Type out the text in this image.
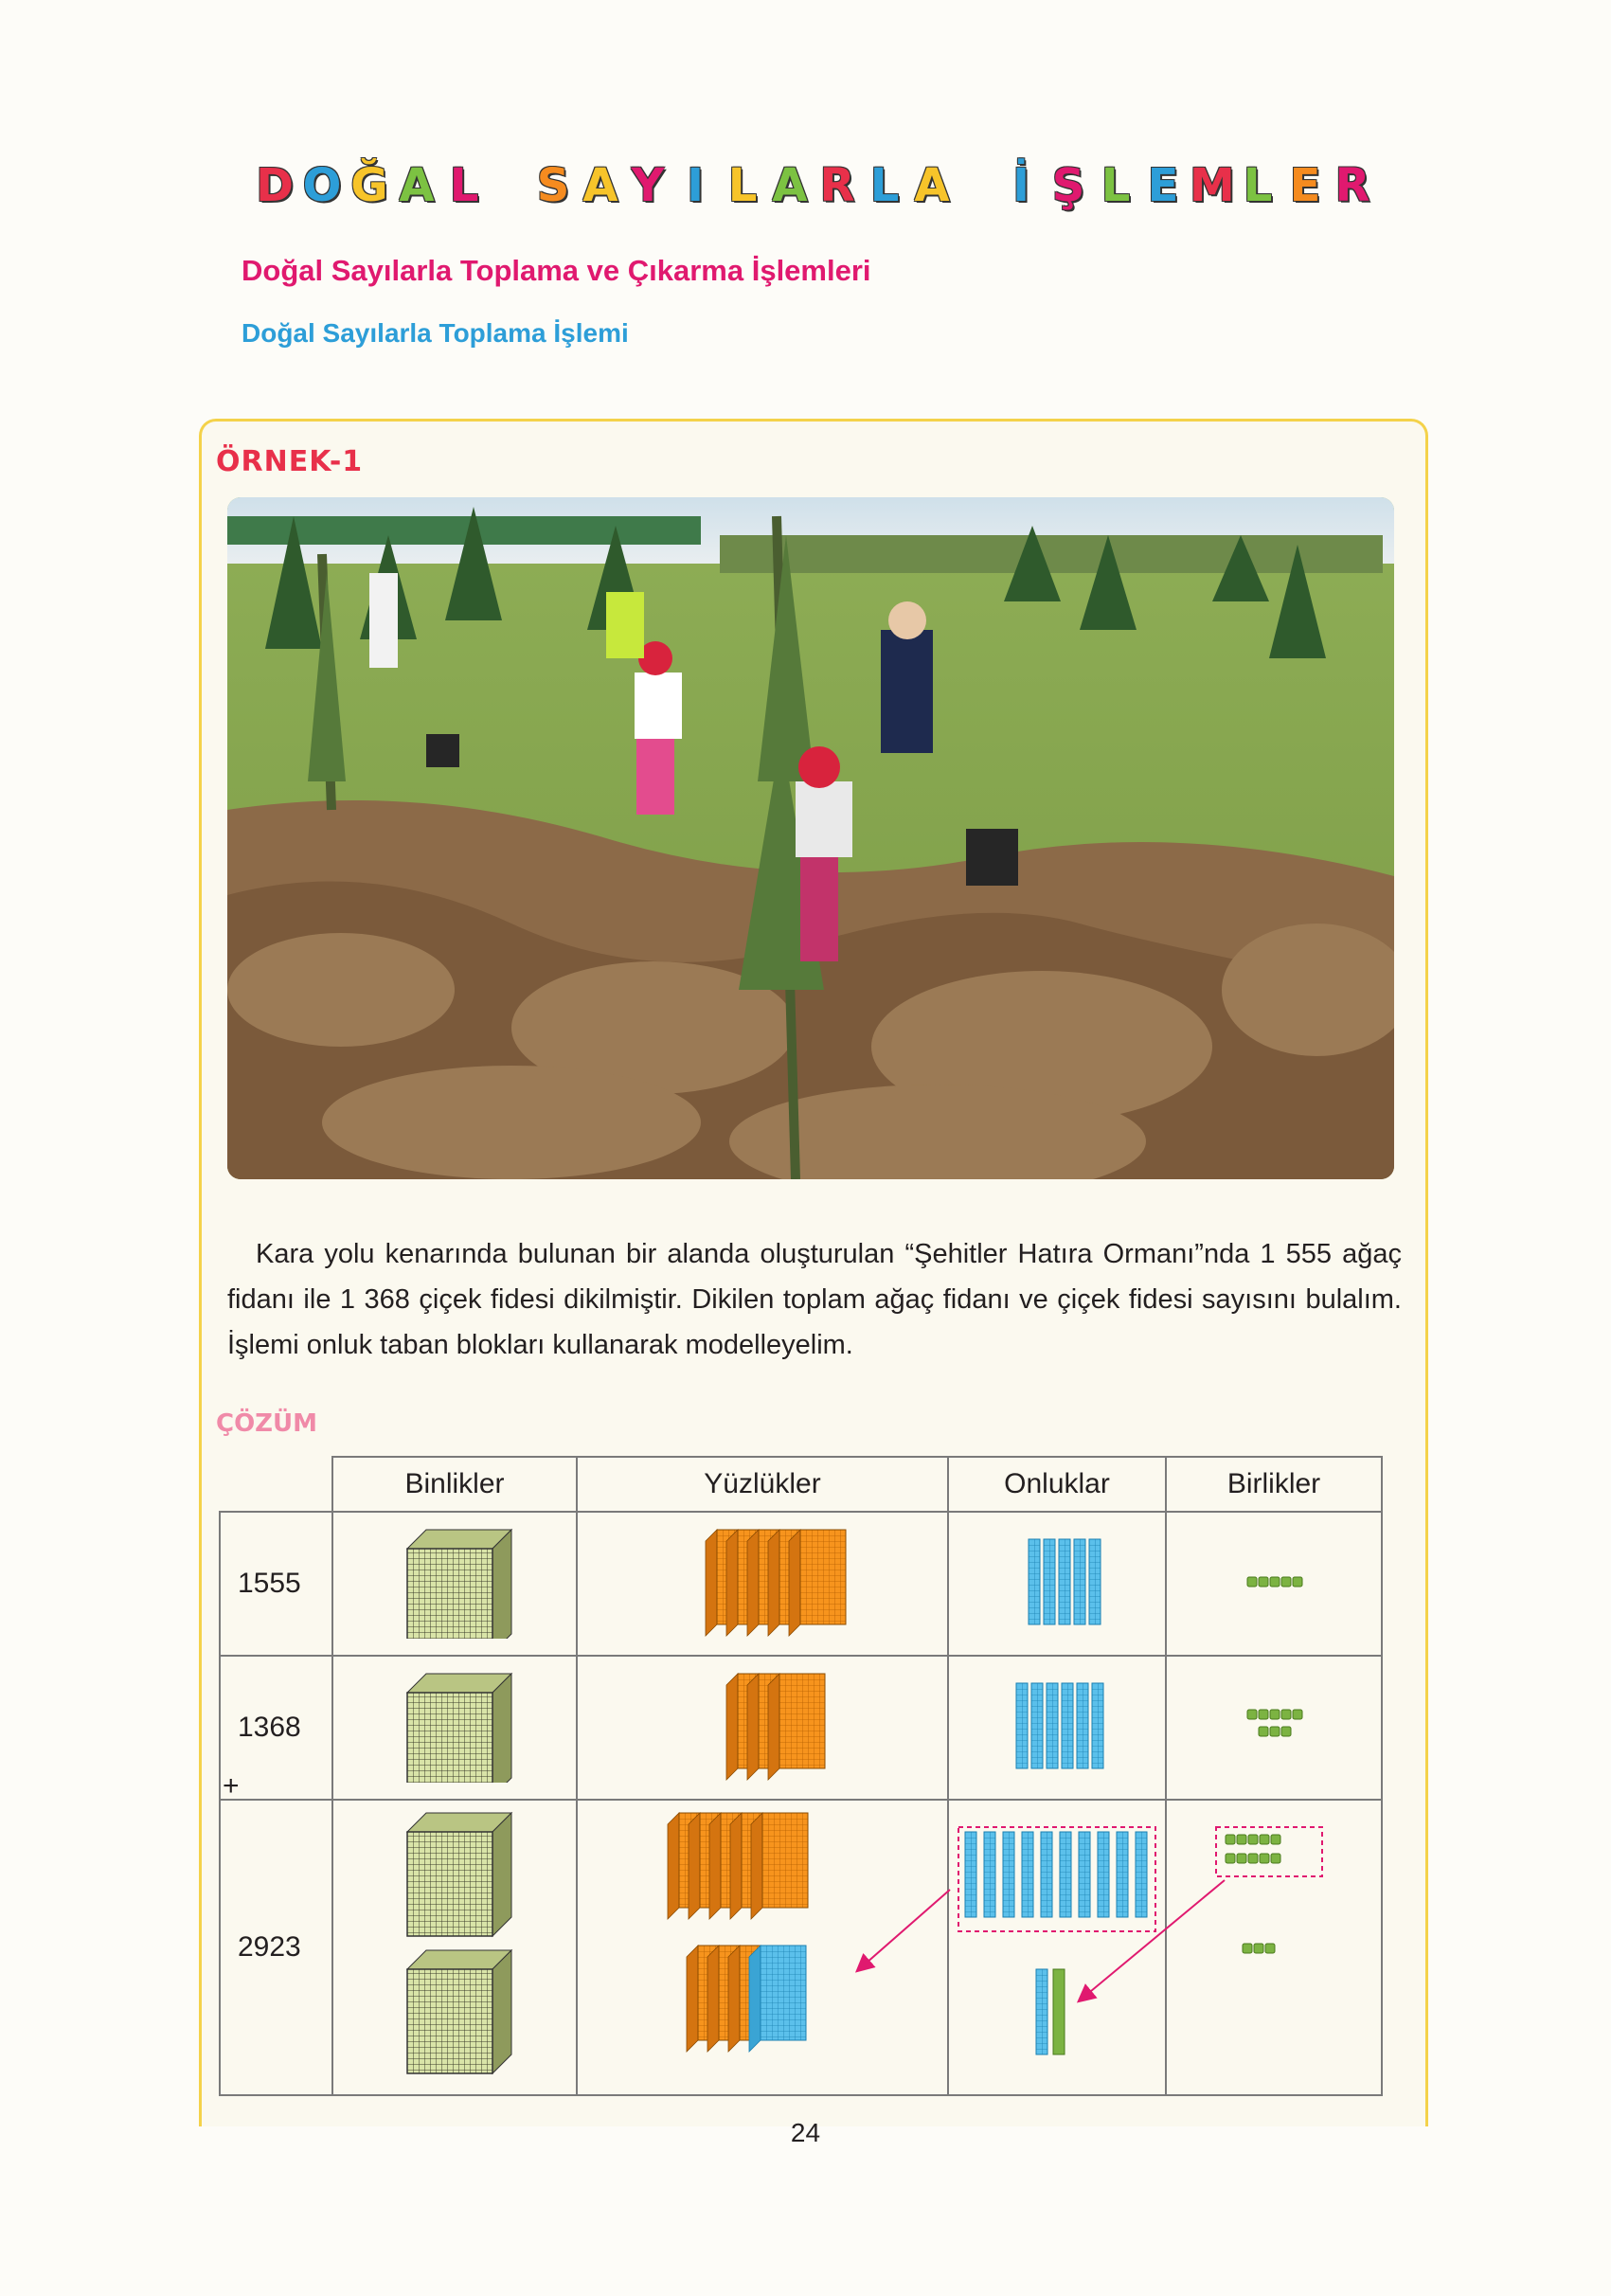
D O Ğ A L
S A Y I L A R L A
İ Ş L E M L E R
Doğal Sayılarla Toplama ve Çıkarma İşlemleri
Doğal Sayılarla Toplama İşlemi
ÖRNEK-1

Kara yolu kenarında bulunan bir alanda oluşturulan “Şehitler Hatıra Ormanı”nda 1 555 ağaç fidanı ile 1 368 çiçek fidesi dikilmiştir. Dikilen toplam ağaç fidanı ve çiçek fidesi sayısını bulalım. İşlemi onluk taban blokları kullanarak modelleyelim.

ÇÖZÜM
	Binlikler	Yüzlükler	Onluklar	Birlikler
1555				
1368
+

2923				
24
